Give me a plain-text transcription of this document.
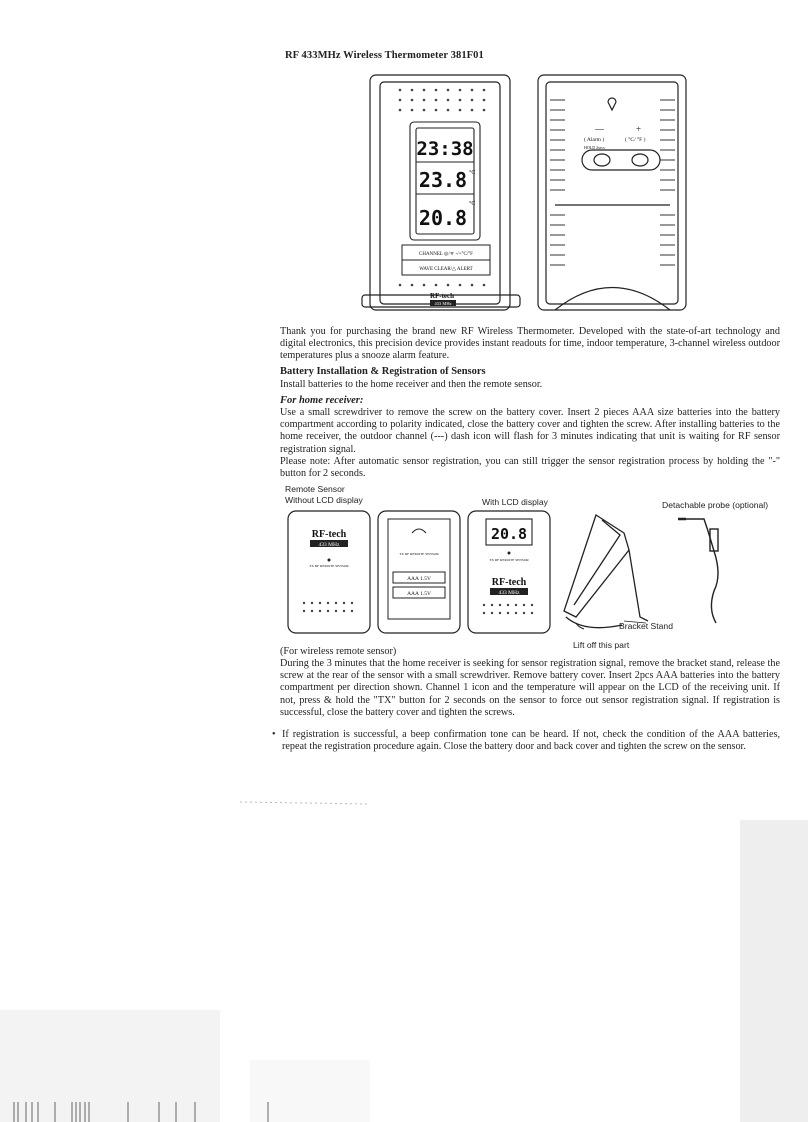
RF 433MHz Wireless Thermometer 381F01
23:38
23.8
20.8
°C
°C
CHANNEL ◎/ᯤ -/+°C/°F
WAVE CLEAR/△ ALERT
RF-tech
433 MHz
—	+
( Alarm )	( °C/ °F )
HOLD 2secs
Thank you for purchasing the brand new RF Wireless Thermometer. Developed with the state-of-art technology and digital electronics, this precision device provides instant readouts for time, indoor temperature, 3-channel wireless outdoor temperatures plus a snooze alarm feature.
Battery Installation & Registration of Sensors
Install batteries to the home receiver and then the remote sensor.
For home receiver:
Use a small screwdriver to remove the screw on the battery cover. Insert 2 pieces AAA size batteries into the battery compartment according to polarity indicated, close the battery cover and tighten the screw. After installing batteries to the home receiver, the outdoor channel (---) dash icon will flash for 3 minutes indicating that unit is waiting for RF sensor registration signal.
Please note: After automatic sensor registration, you can still trigger the sensor registration process by holding the "-" button for 2 seconds.
Remote Sensor
Without LCD display	With LCD display	Detachable probe (optional)
RF-tech
433 MHz
TX RF REMOTE SENSOR
TX RF REMOTE SENSOR
AAA 1.5V
AAA 1.5V
20.8
TX RF REMOTE SENSOR
RF-tech
433 MHz
Bracket Stand
Lift off this part
(For wireless remote sensor)
During the 3 minutes that the home receiver is seeking for sensor registration signal, remove the bracket stand, release the screw at the rear of the sensor with a small screwdriver. Remove battery cover. Insert 2pcs AAA batteries into the battery compartment per direction shown. Channel 1 icon and the temperature will appear on the LCD of the receiving unit. If not, press & hold the "TX" button for 2 seconds on the sensor to force out sensor registration signal. If registration is successful, close the battery cover and tighten the screws.
• If registration is successful, a beep confirmation tone can be heard. If not, check the condition of the AAA batteries, repeat the registration procedure again. Close the battery door and back cover and tighten the screw on the sensor.
